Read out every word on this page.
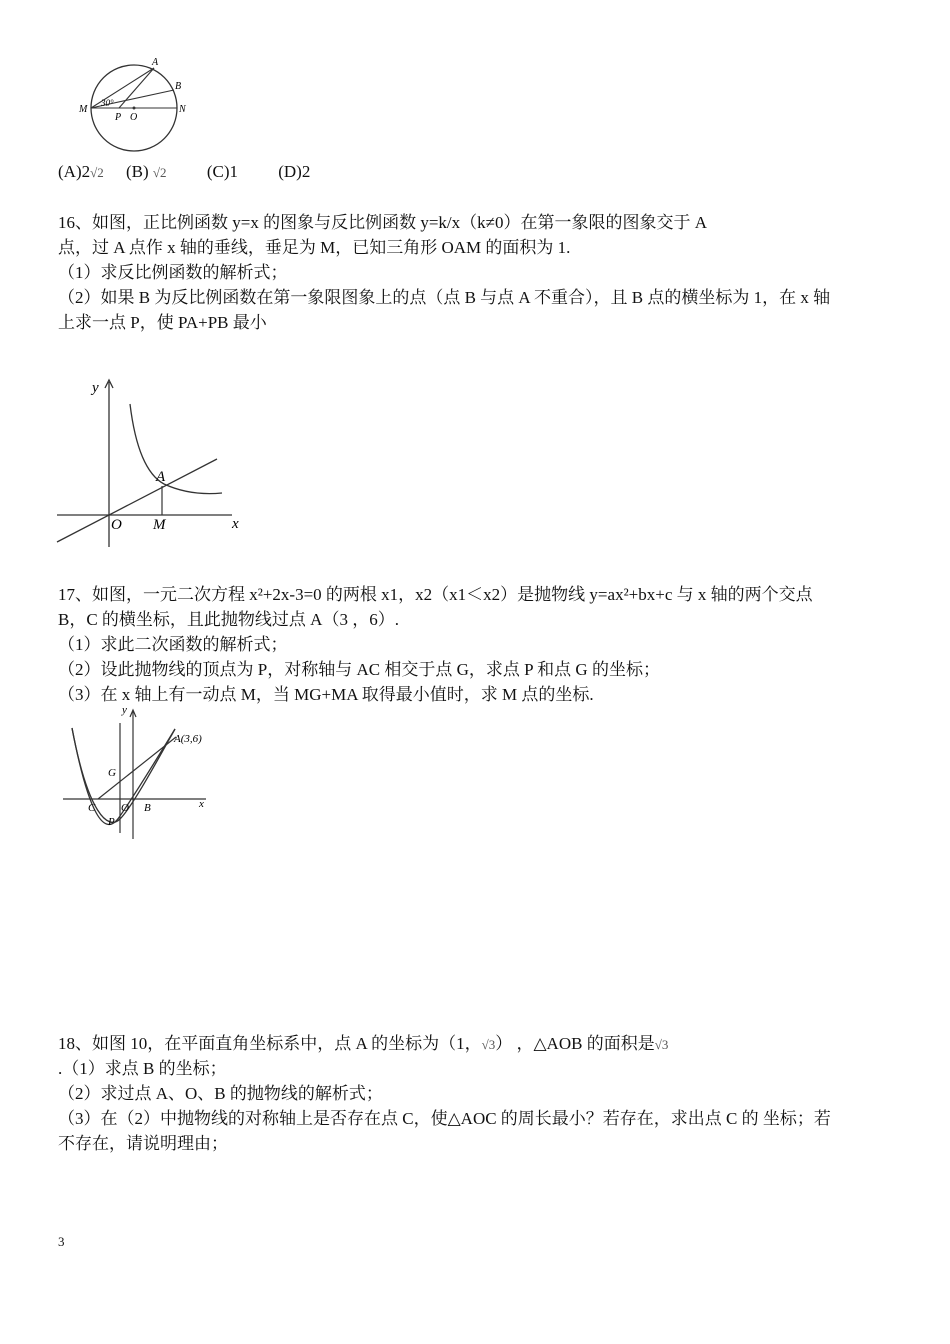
A
B
M	N
P O
30°
(A)2√2 (B) √2 (C)1 (D)2
16、如图，正比例函数 y=x 的图象与反比例函数 y=k/x（k≠0）在第一象限的图象交于 A
点，过 A 点作 x 轴的垂线，垂足为 M，已知三角形 OAM 的面积为 1.
（1）求反比例函数的解析式；
（2）如果 B 为反比例函数在第一象限图象上的点（点 B 与点 A 不重合），且 B 点的横坐标为 1，在 x 轴
上求一点 P，使 PA+PB 最小
y
x
A
O M
17、如图，一元二次方程 x²+2x-3=0 的两根 x1，x2（x1＜x2）是抛物线 y=ax²+bx+c 与 x 轴的两个交点
B，C 的横坐标，且此抛物线过点 A（3 ，6）.
（1）求此二次函数的解析式；
（2）设此抛物线的顶点为 P，对称轴与 AC 相交于点 G，求点 P 和点 G 的坐标；
（3）在 x 轴上有一动点 M，当 MG+MA 取得最小值时，求 M 点的坐标.
y
x
A(3,6)
G
C O B
P
18、如图 10，在平面直角坐标系中，点 A 的坐标为（1，√3） ，△AOB 的面积是√3
.（1）求点 B 的坐标；
（2）求过点 A、O、B 的抛物线的解析式；
（3）在（2）中抛物线的对称轴上是否存在点 C，使△AOC 的周长最小？若存在，求出点 C 的 坐标；若
不存在，请说明理由；
3
